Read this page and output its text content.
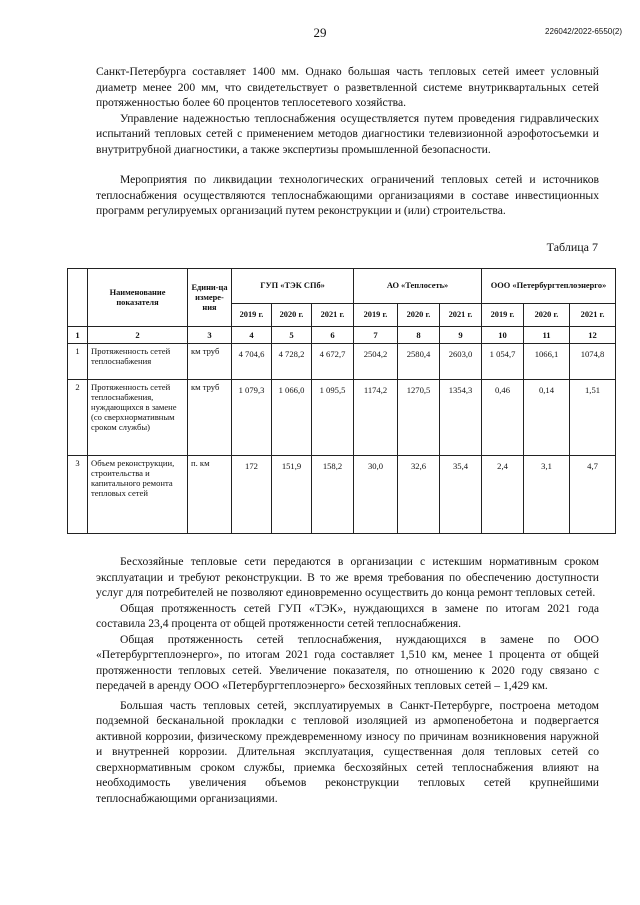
29	226042/2022-6550(2)

Санкт-Петербурга составляет 1400 мм. Однако большая часть тепловых сетей имеет условный диаметр менее 200 мм, что свидетельствует о разветвленной системе внутриквартальных сетей протяженностью более 60 процентов теплосетевого хозяйства.

Управление надежностью теплоснабжения осуществляется путем проведения гидравлических испытаний тепловых сетей с применением методов диагностики телевизионной аэрофотосъемки и внутритрубной диагностики, а также экспертизы промышленной безопасности.

Мероприятия по ликвидации технологических ограничений тепловых сетей и источников теплоснабжения осуществляются теплоснабжающими организациями в составе инвестиционных программ регулируемых организаций путем реконструкции и (или) строительства.

Таблица 7
	Наименование показателя	Едини-ца измере-ния	ГУП «ТЭК СПб»			АО «Теплосеть»			ООО «Петербургтеплоэнерго»		
			2019 г.	2020 г.	2021 г.	2019 г.	2020 г.	2021 г.	2019 г.	2020 г.	2021 г.
1	2	3	4	5	6	7	8	9	10	11	12
1	Протяженность сетей теплоснабжения	км труб	4 704,6	4 728,2	4 672,7	2504,2	2580,4	2603,0	1 054,7	1066,1	1074,8
2	Протяженность сетей теплоснабжения, нуждающихся в замене (со сверхнормативным сроком службы)	км труб	1 079,3	1 066,0	1 095,5	1174,2	1270,5	1354,3	0,46	0,14	1,51
3	Объем реконструкции, строительства и капитального ремонта тепловых сетей	п. км	172	151,9	158,2	30,0	32,6	35,4	2,4	3,1	4,7

Бесхозяйные тепловые сети передаются в организации с истекшим нормативным сроком эксплуатации и требуют реконструкции. В то же время требования по обеспечению доступности услуг для потребителей не позволяют единовременно осуществить до конца ремонт тепловых сетей.

Общая протяженность сетей ГУП «ТЭК», нуждающихся в замене по итогам 2021 года составила 23,4 процента от общей протяженности сетей теплоснабжения.

Общая протяженность сетей теплоснабжения, нуждающихся в замене по ООО «Петербургтеплоэнерго», по итогам 2021 года составляет 1,510 км, менее 1 процента от общей протяженности тепловых сетей. Увеличение показателя, по отношению к 2020 году связано с передачей в аренду ООО «Петербургтеплоэнерго» бесхозяйных тепловых сетей – 1,429 км.

Большая часть тепловых сетей, эксплуатируемых в Санкт-Петербурге, построена методом подземной бесканальной прокладки с тепловой изоляцией из армопенобетона и подвергается активной коррозии, физическому преждевременному износу по причинам возникновения наружной и внутренней коррозии. Длительная эксплуатация, существенная доля тепловых сетей со сверхнормативным сроком службы, приемка бесхозяйных сетей теплоснабжения влияют на необходимость увеличения объемов реконструкции тепловых сетей крупнейшими теплоснабжающими организациями.
